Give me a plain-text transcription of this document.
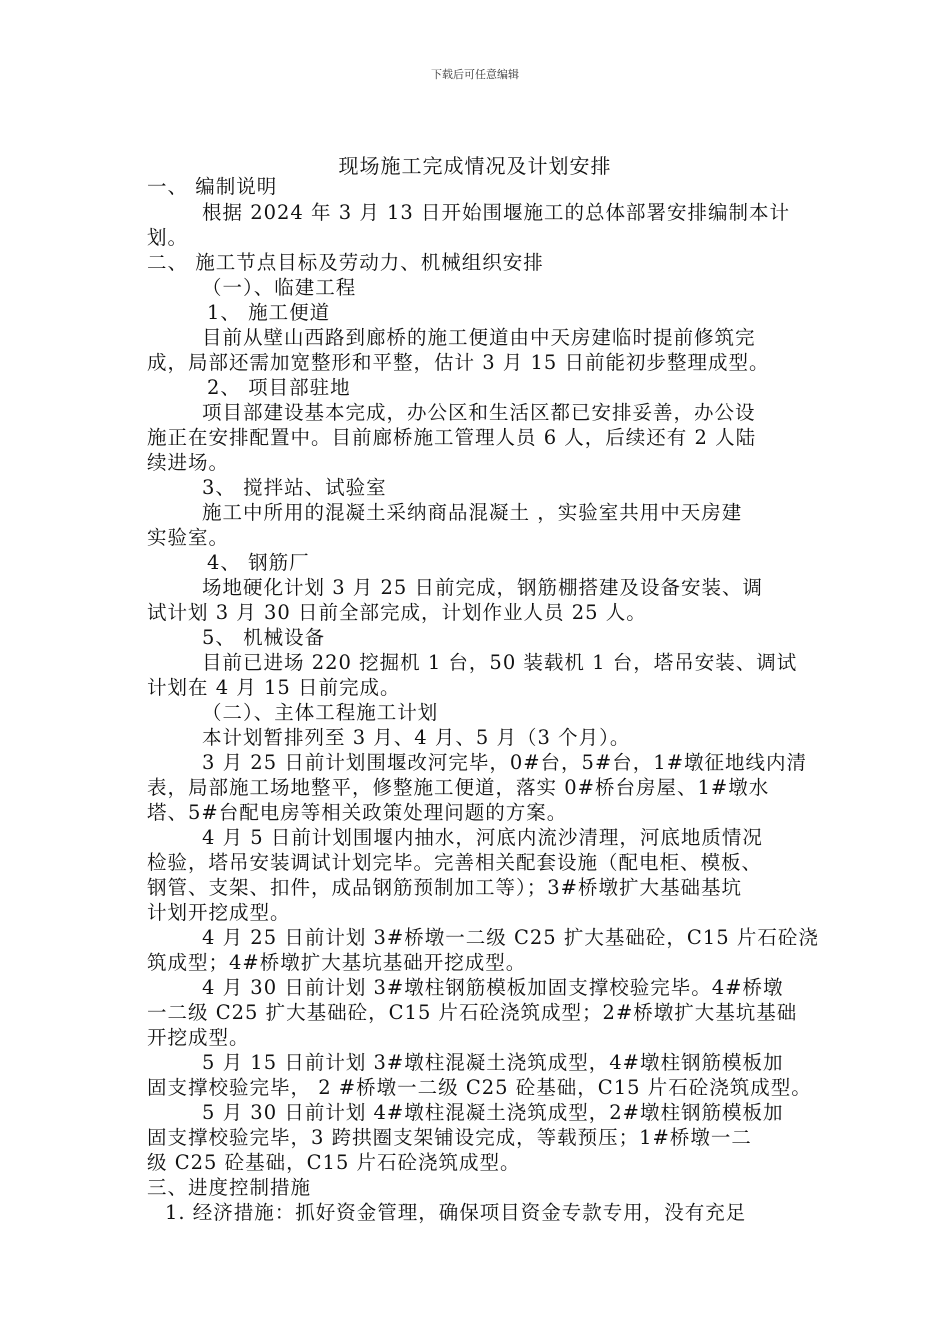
下载后可任意编辑
现场施工完成情况及计划安排
一、 编制说明
根据 2024 年 3 月 13 日开始围堰施工的总体部署安排编制本计
划。
二、 施工节点目标及劳动力、机械组织安排
（一）、临建工程
1、 施工便道
目前从壁山西路到廊桥的施工便道由中天房建临时提前修筑完
成，局部还需加宽整形和平整，估计 3 月 15 日前能初步整理成型。
2、 项目部驻地
项目部建设基本完成，办公区和生活区都已安排妥善，办公设
施正在安排配置中。目前廊桥施工管理人员 6 人，后续还有 2 人陆
续进场。
3、 搅拌站、试验室
施工中所用的混凝土采纳商品混凝土 ，实验室共用中天房建
实验室。
4、 钢筋厂
场地硬化计划 3 月 25 日前完成，钢筋棚搭建及设备安装、调
试计划 3 月 30 日前全部完成，计划作业人员 25 人。
5、 机械设备
目前已进场 220 挖掘机 1 台，50 装载机 1 台，塔吊安装、调试
计划在 4 月 15 日前完成。
（二）、主体工程施工计划
本计划暂排列至 3 月、4 月、5 月（3 个月）。
3 月 25 日前计划围堰改河完毕，0#台，5#台，1#墩征地线内清
表，局部施工场地整平，修整施工便道，落实 0#桥台房屋、1#墩水
塔、5#台配电房等相关政策处理问题的方案。
4 月 5 日前计划围堰内抽水，河底内流沙清理，河底地质情况
检验，塔吊安装调试计划完毕。完善相关配套设施（配电柜、模板、
钢管、支架、扣件，成品钢筋预制加工等）；3#桥墩扩大基础基坑
计划开挖成型。
4 月 25 日前计划 3#桥墩一二级 C25 扩大基础砼，C15 片石砼浇
筑成型；4#桥墩扩大基坑基础开挖成型。
4 月 30 日前计划 3#墩柱钢筋模板加固支撑校验完毕。4#桥墩
一二级 C25 扩大基础砼，C15 片石砼浇筑成型；2#桥墩扩大基坑基础
开挖成型。
5 月 15 日前计划 3#墩柱混凝土浇筑成型，4#墩柱钢筋模板加
固支撑校验完毕， 2 #桥墩一二级 C25 砼基础，C15 片石砼浇筑成型。
5 月 30 日前计划 4#墩柱混凝土浇筑成型，2#墩柱钢筋模板加
固支撑校验完毕，3 跨拱圈支架铺设完成，等载预压；1#桥墩一二
级 C25 砼基础，C15 片石砼浇筑成型。
三、进度控制措施
1. 经济措施：抓好资金管理，确保项目资金专款专用，没有充足
